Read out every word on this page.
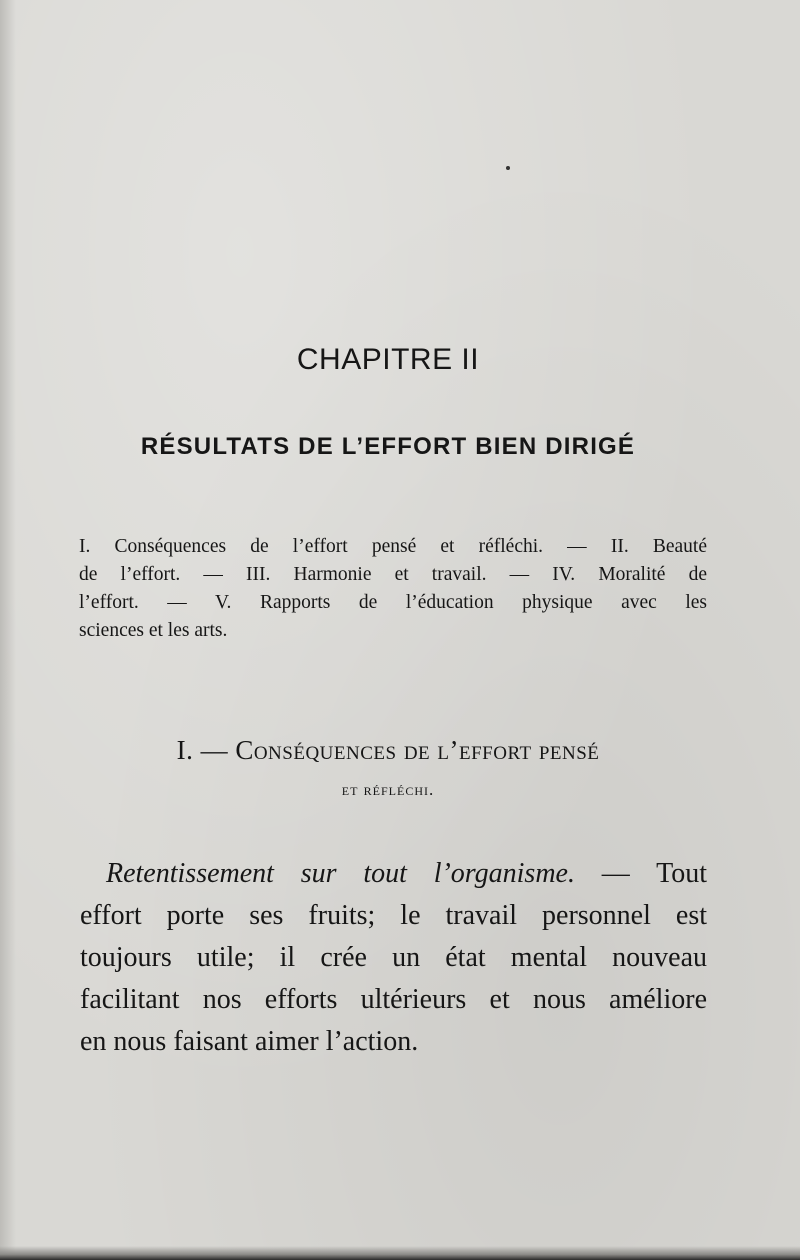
CHAPITRE II
RÉSULTATS DE L’EFFORT BIEN DIRIGÉ
I. Conséquences de l’effort pensé et réfléchi. — II. Beauté
de l’effort. — III. Harmonie et travail. — IV. Moralité de
l’effort. — V. Rapports de l’éducation physique avec les
sciences et les arts.
I. — Conséquences de l’effort pensé
et réfléchi.
Retentissement sur tout l’organisme. — Tout
effort porte ses fruits; le travail personnel est
toujours utile; il crée un état mental nouveau
facilitant nos efforts ultérieurs et nous améliore
en nous faisant aimer l’action.
